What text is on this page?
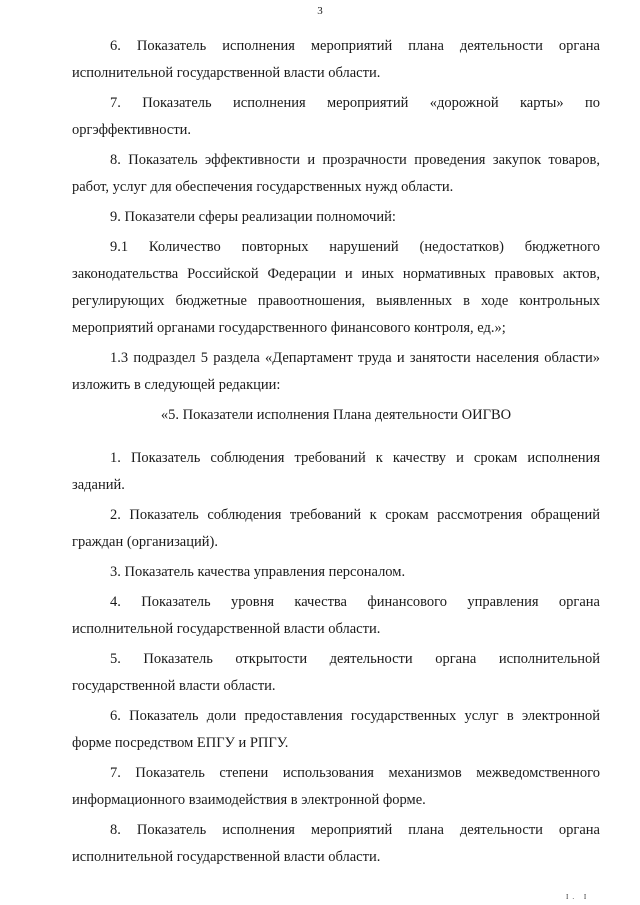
3

6. Показатель исполнения мероприятий плана деятельности органа исполнительной государственной власти области.

7. Показатель исполнения мероприятий «дорожной карты» по оргэффективности.

8. Показатель эффективности и прозрачности проведения закупок товаров, работ, услуг для обеспечения государственных нужд области.

9. Показатели сферы реализации полномочий:

9.1 Количество повторных нарушений (недостатков) бюджетного законодательства Российской Федерации и иных нормативных правовых актов, регулирующих бюджетные правоотношения, выявленных в ходе контрольных мероприятий органами государственного финансового контроля, ед.»;

1.3 подраздел 5 раздела «Департамент труда и занятости населения области» изложить в следующей редакции:

«5. Показатели исполнения Плана деятельности ОИГВО

1. Показатель соблюдения требований к качеству и срокам исполнения заданий.

2. Показатель соблюдения требований к срокам рассмотрения обращений граждан (организаций).

3. Показатель качества управления персоналом.

4. Показатель уровня качества финансового управления органа исполнительной государственной власти области.

5. Показатель открытости деятельности органа исполнительной государственной власти области.

6. Показатель доли предоставления государственных услуг в электронной форме посредством ЕПГУ и РПГУ.

7. Показатель степени использования механизмов межведомственного информационного взаимодействия в электронной форме.

8. Показатель исполнения мероприятий плана деятельности органа исполнительной государственной власти области.

I. I
